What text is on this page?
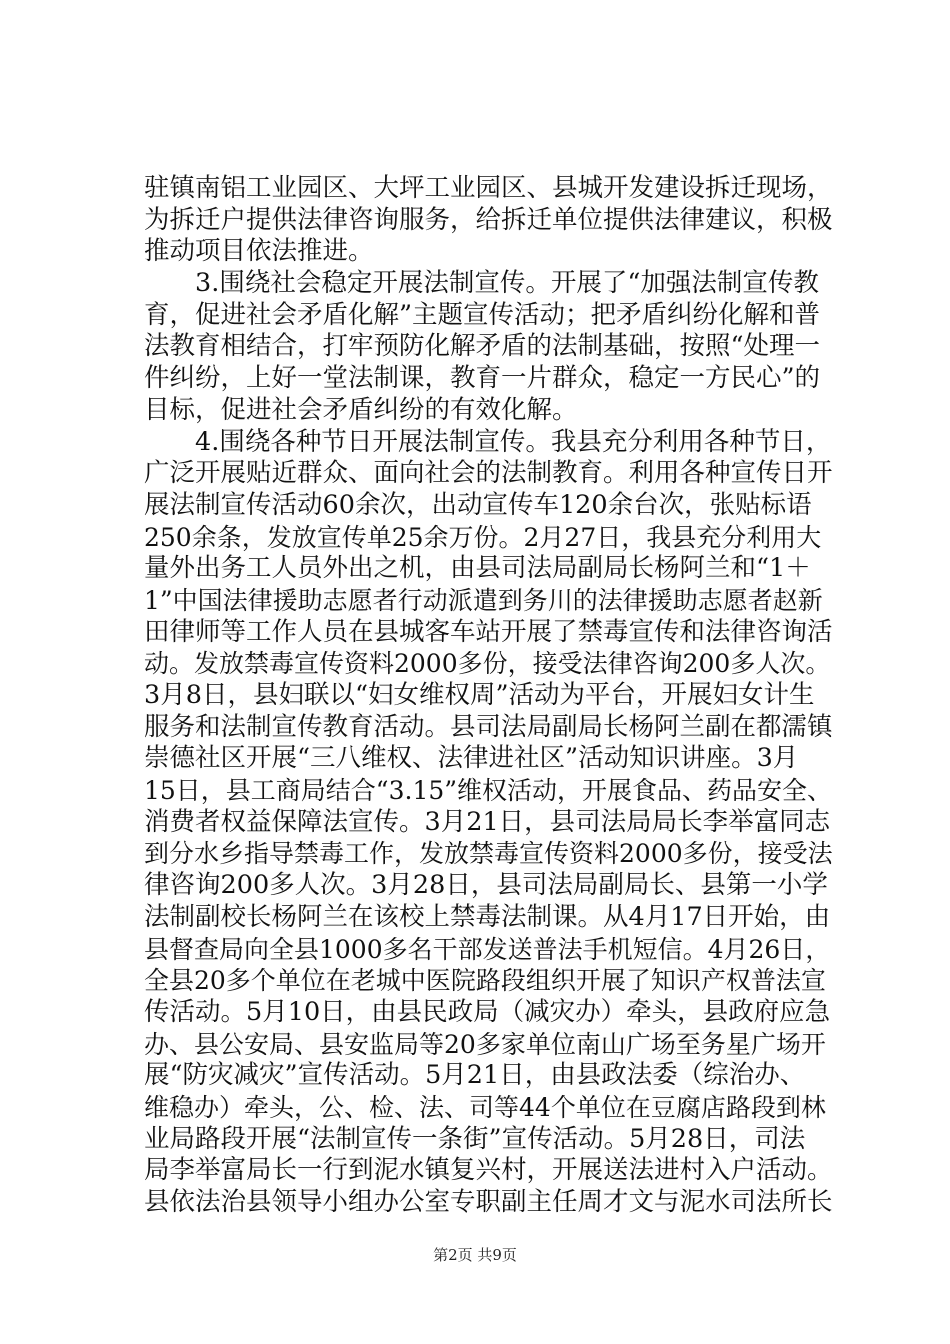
驻镇南铝工业园区、大坪工业园区、县城开发建设拆迁现场，
为拆迁户提供法律咨询服务，给拆迁单位提供法律建议，积极
推动项目依法推进。
3.围绕社会稳定开展法制宣传。开展了“加强法制宣传教
育，促进社会矛盾化解”主题宣传活动；把矛盾纠纷化解和普
法教育相结合，打牢预防化解矛盾的法制基础，按照“处理一
件纠纷，上好一堂法制课，教育一片群众，稳定一方民心”的
目标，促进社会矛盾纠纷的有效化解。
4.围绕各种节日开展法制宣传。我县充分利用各种节日，
广泛开展贴近群众、面向社会的法制教育。利用各种宣传日开
展法制宣传活动60余次，出动宣传车120余台次，张贴标语
250余条，发放宣传单25余万份。2月27日，我县充分利用大
量外出务工人员外出之机，由县司法局副局长杨阿兰和“1＋
1”中国法律援助志愿者行动派遣到务川的法律援助志愿者赵新
田律师等工作人员在县城客车站开展了禁毒宣传和法律咨询活
动。发放禁毒宣传资料2000多份，接受法律咨询200多人次。
3月8日，县妇联以“妇女维权周”活动为平台，开展妇女计生
服务和法制宣传教育活动。县司法局副局长杨阿兰副在都濡镇
崇德社区开展“三八维权、法律进社区”活动知识讲座。3月
15日，县工商局结合“3.15”维权活动，开展食品、药品安全、
消费者权益保障法宣传。3月21日，县司法局局长李举富同志
到分水乡指导禁毒工作，发放禁毒宣传资料2000多份，接受法
律咨询200多人次。3月28日，县司法局副局长、县第一小学
法制副校长杨阿兰在该校上禁毒法制课。从4月17日开始，由
县督查局向全县1000多名干部发送普法手机短信。4月26日，
全县20多个单位在老城中医院路段组织开展了知识产权普法宣
传活动。5月10日，由县民政局（减灾办）牵头，县政府应急
办、县公安局、县安监局等20多家单位南山广场至务星广场开
展“防灾减灾”宣传活动。5月21日，由县政法委（综治办、
维稳办）牵头，公、检、法、司等44个单位在豆腐店路段到林
业局路段开展“法制宣传一条街”宣传活动。5月28日，司法
局李举富局长一行到泥水镇复兴村，开展送法进村入户活动。
县依法治县领导小组办公室专职副主任周才文与泥水司法所长
第2页 共9页
